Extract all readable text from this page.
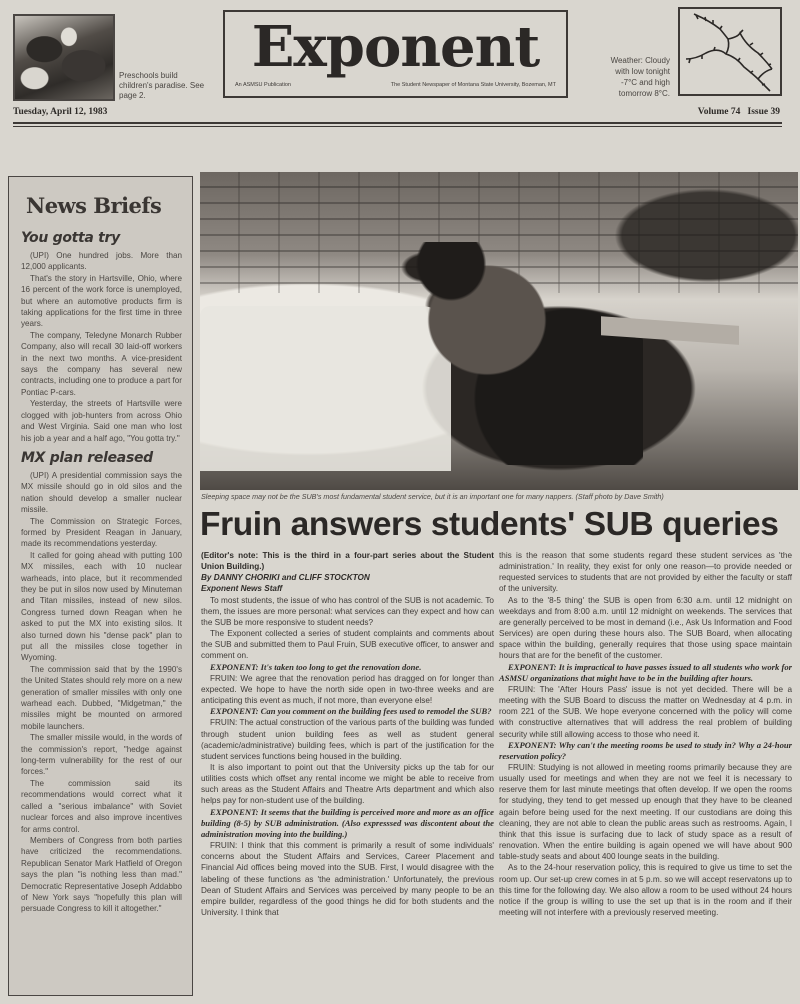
Preschools build children's paradise. See page 2.
Exponent
An ASMSU Publication	The Student Newspaper of Montana State University, Bozeman, MT
Weather: Cloudy with low tonight -7°C and high tomorrow 8°C.
Tuesday, April 12, 1983	Volume 74   Issue 39
News Briefs
You gotta try

(UPI) One hundred jobs. More than 12,000 applicants.

That's the story in Hartsville, Ohio, where 16 percent of the work force is unemployed, but where an automotive products firm is taking applications for the first time in three years.

The company, Teledyne Monarch Rubber Company, also will recall 30 laid-off workers in the next two months. A vice-president says the company has several new contracts, including one to produce a part for Pontiac P-cars.

Yesterday, the streets of Hartsville were clogged with job-hunters from across Ohio and West Virginia. Said one man who lost his job a year and a half ago, "You gotta try."

MX plan released

(UPI) A presidential commission says the MX missile should go in old silos and the nation should develop a smaller nuclear missile.

The Commission on Strategic Forces, formed by President Reagan in January, made its recommendations yesterday.

It called for going ahead with putting 100 MX missiles, each with 10 nuclear warheads, into place, but it recommended they be put in silos now used by Minuteman and Titan missiles, instead of new silos. Congress turned down Reagan when he asked to put the MX into existing silos. It also turned down his "dense pack" plan to put all the missiles close together in Wyoming.

The commission said that by the 1990's the United States should rely more on a new generation of smaller missiles with only one warhead each. Dubbed, "Midgetman," the missiles might be mounted on armored mobile launchers.

The smaller missile would, in the words of the commission's report, "hedge against long-term vulnerability for the rest of our forces."

The commission said its recommendations would correct what it called a "serious imbalance" with Soviet nuclear forces and also improve incentives for arms control.

Members of Congress from both parties have criticized the recommendations. Republican Senator Mark Hatfield of Oregon says the plan "is nothing less than mad." Democratic Representative Joseph Addabbo of New York says "hopefully this plan will persuade Congress to kill it altogether."

Sleeping space may not be the SUB's most fundamental student service, but it is an important one for many nappers. (Staff photo by Dave Smith)
Fruin answers students' SUB queries
(Editor's note: This is the third in a four-part series about the Student Union Building.)
By DANNY CHORIKI and CLIFF STOCKTON
Exponent News Staff

To most students, the issue of who has control of the SUB is not academic. To them, the issues are more personal: what services can they expect and how can the SUB be more responsive to student needs?

The Exponent collected a series of student complaints and comments about the SUB and submitted them to Paul Fruin, SUB executive officer, to answer and comment on.

EXPONENT: It's taken too long to get the renovation done.

FRUIN: We agree that the renovation period has dragged on for longer than expected. We hope to have the north side open in two-three weeks and are anticipating this event as much, if not more, than everyone else!

EXPONENT: Can you comment on the building fees used to remodel the SUB?

FRUIN: The actual construction of the various parts of the building was funded through student union building fees as well as student general (academic/administrative) building fees, which is part of the justification for the student services functions being housed in the building.

It is also important to point out that the University picks up the tab for our utilities costs which offset any rental income we might be able to receive from such areas as the Student Affairs and Theatre Arts department and which also helps pay for non-student use of the building.

EXPONENT: It seems that the building is perceived more and more as an office building (8-5) by SUB administration. (Also expresssed was discontent about the administration moving into the building.)

FRUIN: I think that this comment is primarily a result of some individuals' concerns about the Student Affairs and Services, Career Placement and Financial Aid offices being moved into the SUB. First, I would disagree with the labeling of these functions as 'the administration.' Unfortunately, the previous Dean of Student Affairs and Services was perceived by many people to be an empire builder, regardless of the good things he did for both students and the University. I think that

this is the reason that some students regard these student services as 'the administration.' In reality, they exist for only one reason—to provide needed or requested services to students that are not provided by either the faculty or staff of the university.

As to the '8-5 thing' the SUB is open from 6:30 a.m. until 12 midnight on weekdays and from 8:00 a.m. until 12 midnight on weekends. The services that are generally perceived to be most in demand (i.e., Ask Us Information and Food Services) are open during these hours also. The SUB Board, when allocating space within the building, generally requires that those using space maintain hours that are for the benefit of the customer.

EXPONENT: It is impractical to have passes issued to all students who work for ASMSU organizations that might have to be in the building after hours.

FRUIN: The 'After Hours Pass' issue is not yet decided. There will be a meeting with the SUB Board to discuss the matter on Wednesday at 4 p.m. in room 221 of the SUB. We hope everyone concerned with the policy will come with constructive alternatives that will address the real problem of building security while still allowing access to those who need it.

EXPONENT: Why can't the meeting rooms be used to study in? Why a 24-hour reservation policy?

FRUIN: Studying is not allowed in meeting rooms primarily because they are usually used for meetings and when they are not we feel it is necessary to reserve them for last minute meetings that often develop. If we open the rooms for studying, they tend to get messed up enough that they have to be cleaned again before being used for the next meeting. If our custodians are doing this cleaning, they are not able to clean the public areas such as restrooms. Again, I think that this issue is surfacing due to lack of study space as a result of renovation. When the entire building is again opened we will have about 900 table-study seats and about 400 lounge seats in the building.

As to the 24-hour reservation policy, this is required to give us time to set the room up. Our set-up crew comes in at 5 p.m. so we will accept reservatons up to this time for the following day. We also allow a room to be used without 24 hours notice if the group is willing to use the set up that is in the room and if their meeting will not interfere with a previously reserved meeting.
